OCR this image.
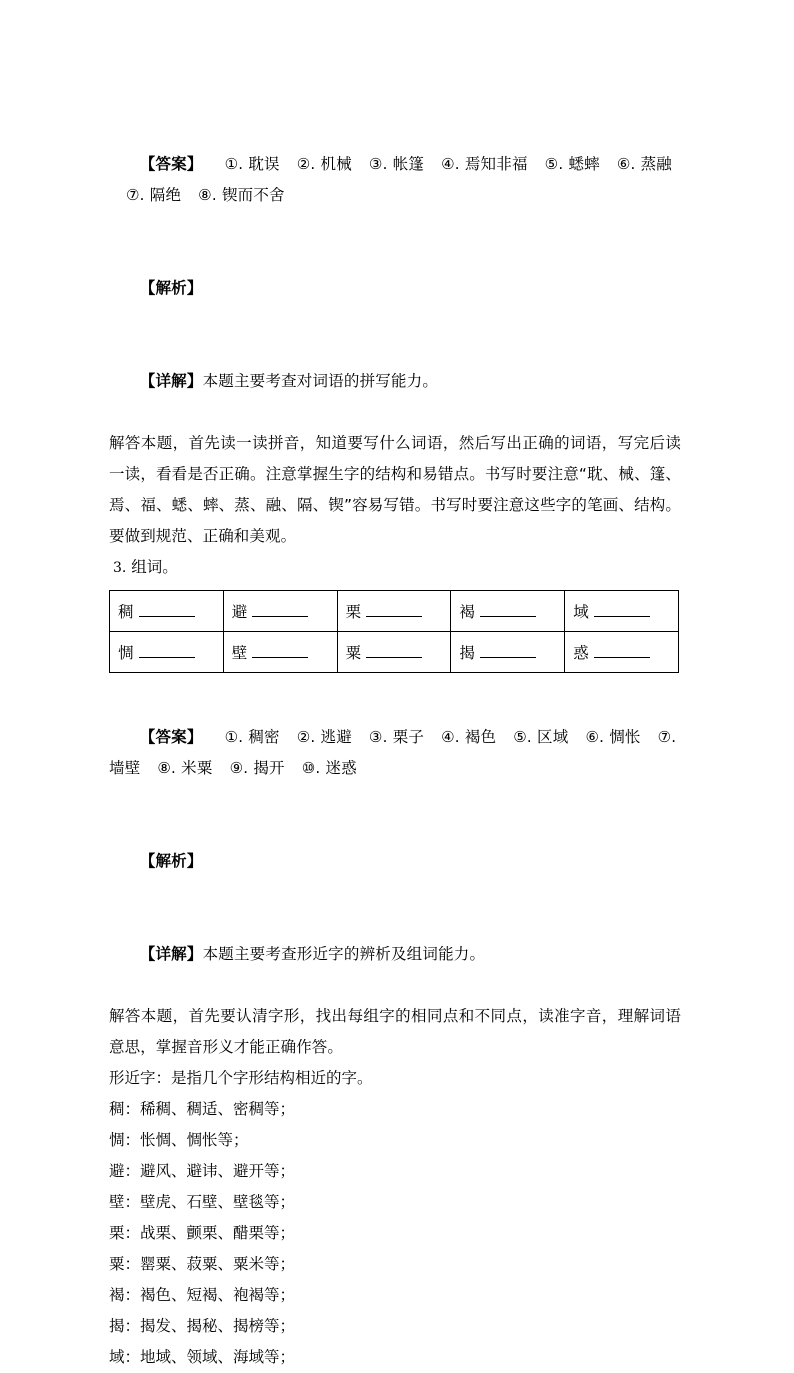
【答案】 ①. 耽误 ②. 机械 ③. 帐篷 ④. 焉知非福 ⑤. 蟋蟀 ⑥. 蒸融⑦. 隔绝 ⑧. 锲而不舍

【解析】

【详解】本题主要考查对词语的拼写能力。

解答本题，首先读一读拼音，知道要写什么词语，然后写出正确的词语，写完后读一读，看看是否正确。注意掌握生字的结构和易错点。书写时要注意“耽、械、篷、焉、福、蟋、蟀、蒸、融、隔、锲”容易写错。书写时要注意这些字的笔画、结构。要做到规范、正确和美观。
3. 组词。
稠	避	栗	褐	域
惆	壁	粟	揭	惑

【答案】 ①. 稠密 ②. 逃避 ③. 栗子 ④. 褐色 ⑤. 区域 ⑥. 惆怅 ⑦. 墙壁 ⑧. 米粟 ⑨. 揭开 ⑩. 迷惑

【解析】

【详解】本题主要考查形近字的辨析及组词能力。

解答本题，首先要认清字形，找出每组字的相同点和不同点，读准字音，理解词语意思，掌握音形义才能正确作答。
形近字：是指几个字形结构相近的字。
稠：稀稠、稠适、密稠等；
惆：怅惆、惆怅等；
避：避风、避讳、避开等；
壁：壁虎、石壁、壁毯等；
栗：战栗、颤栗、醋栗等；
粟：罂粟、菽粟、粟米等；
褐：褐色、短褐、袍褐等；
揭：揭发、揭秘、揭榜等；
域：地域、领域、海域等；
